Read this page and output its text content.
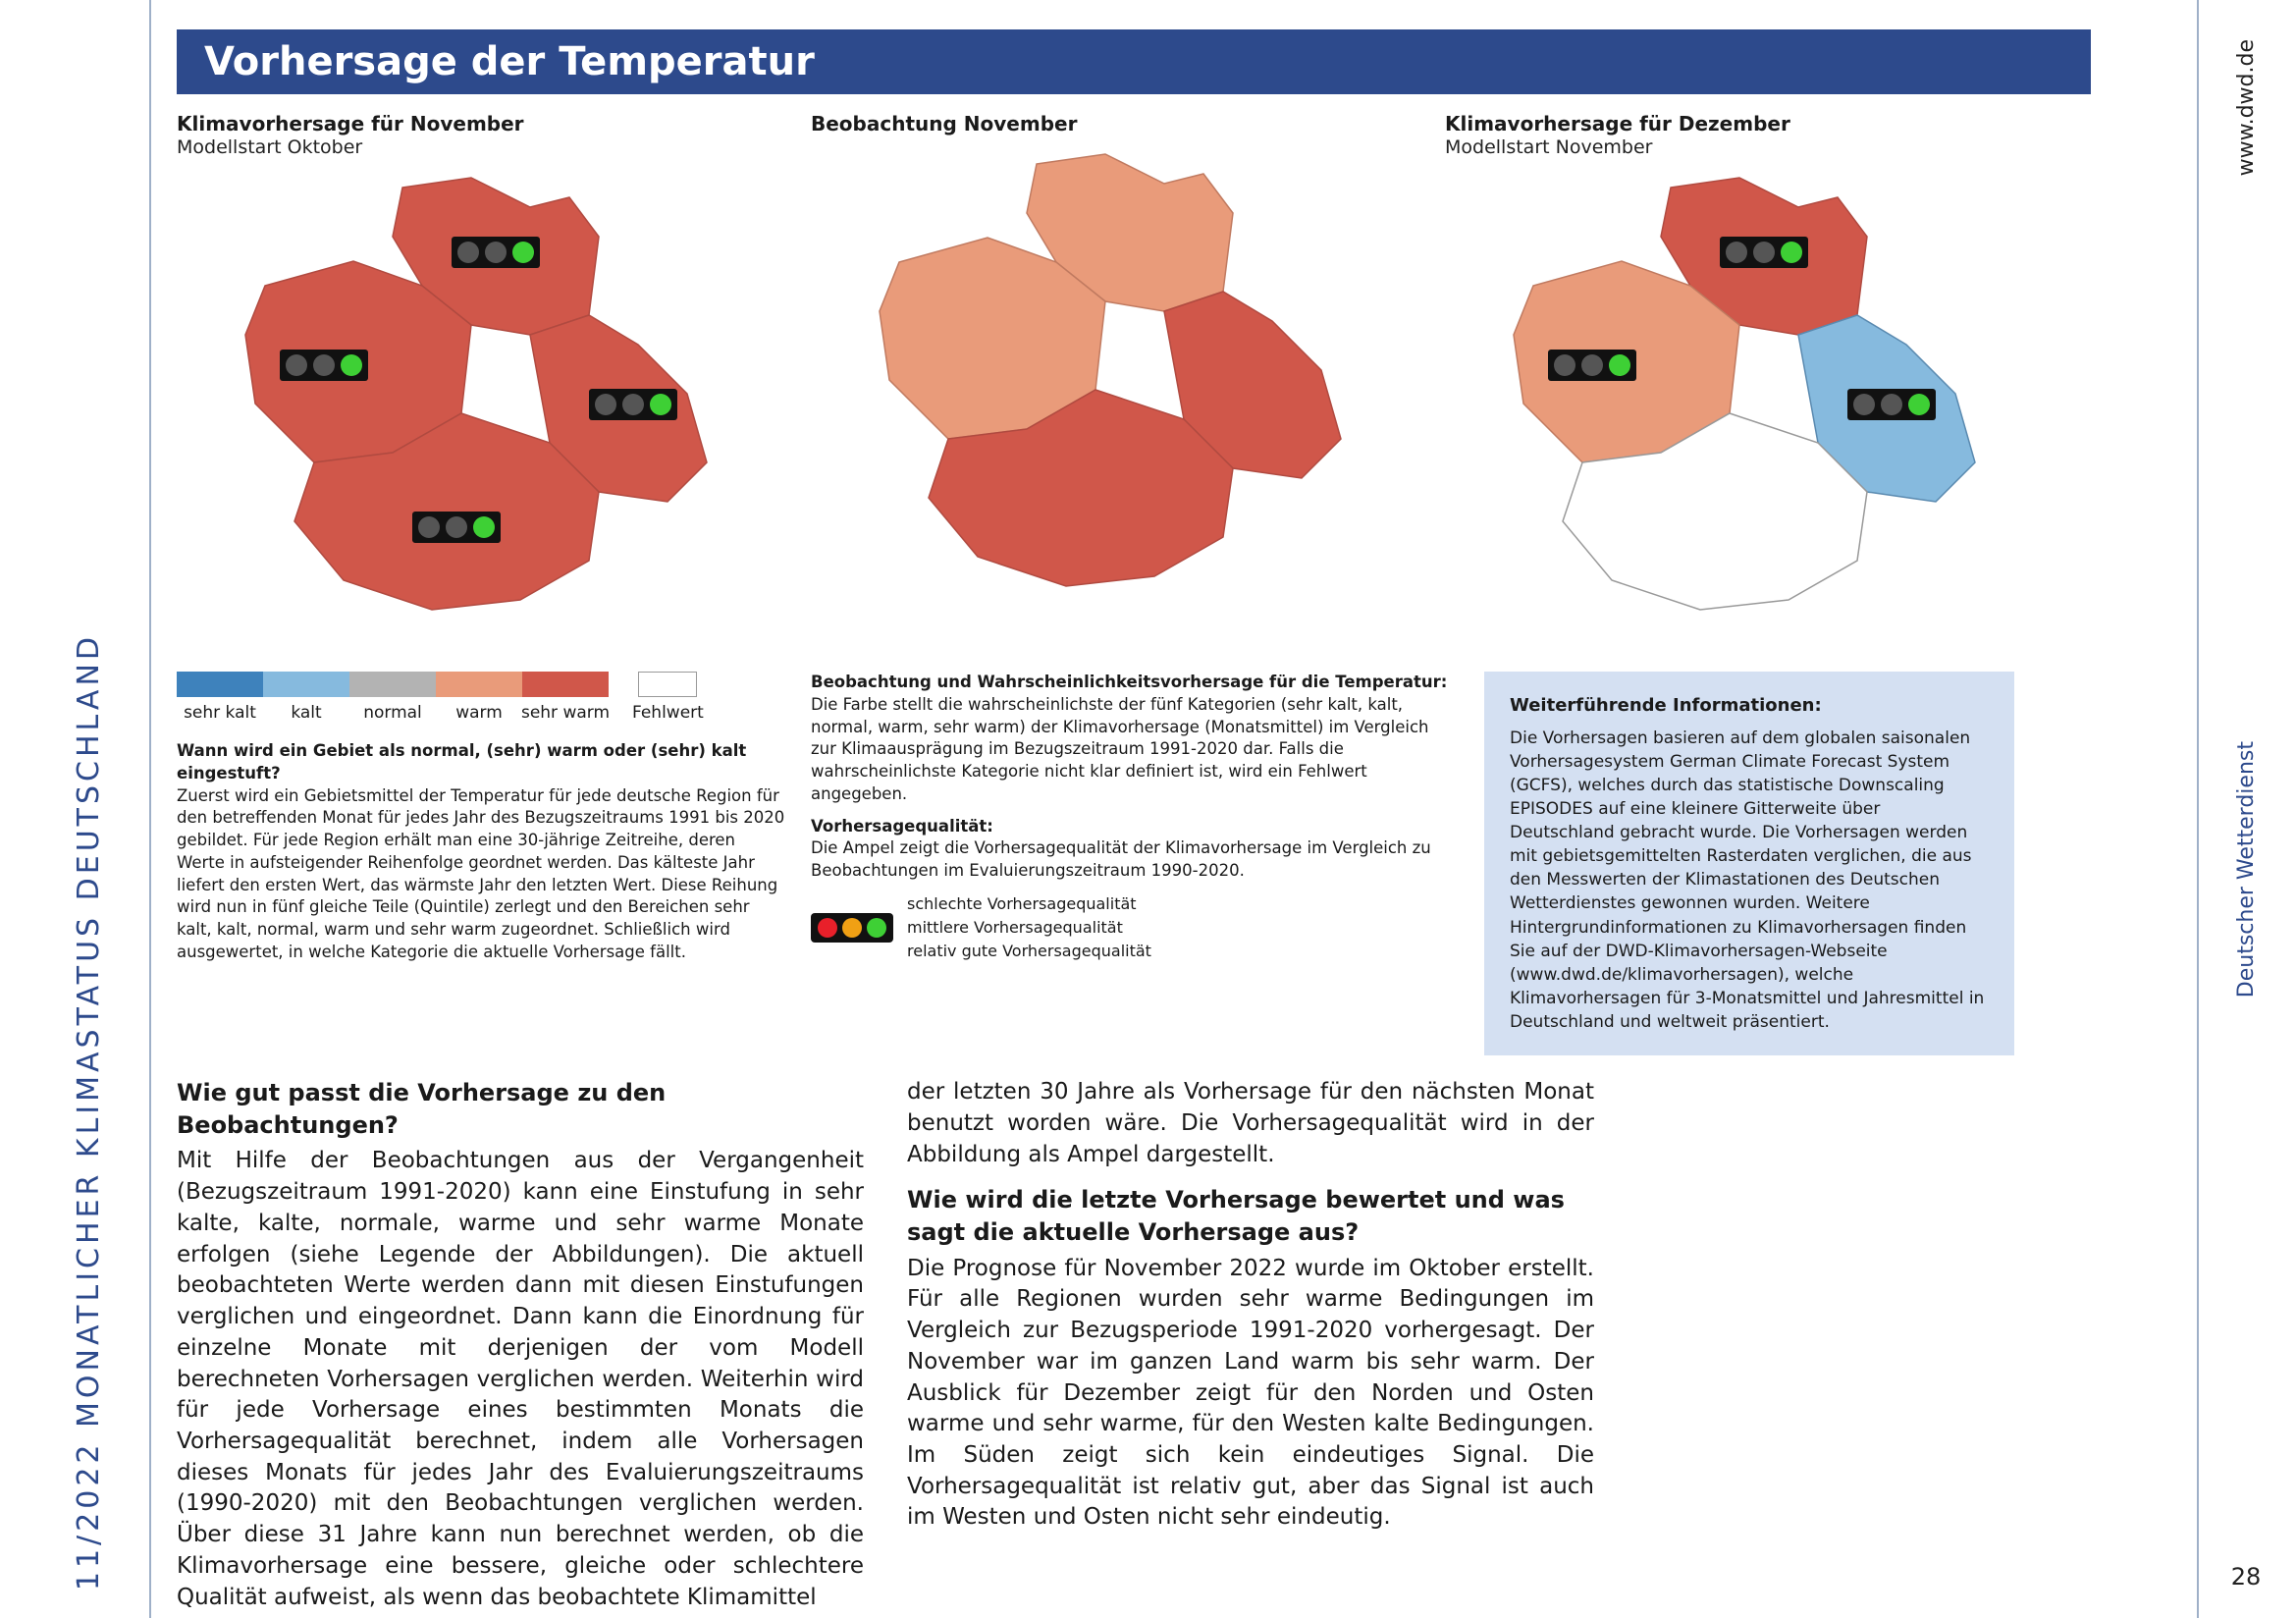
11/2022 MONATLICHER KLIMASTATUS DEUTSCHLAND
www.dwd.de
Deutscher Wetterdienst
28
Vorhersage der Temperatur
Klimavorhersage für November
Modellstart Oktober
Beobachtung November	Klimavorhersage für Dezember
Modellstart November
sehr kalt kalt	normal warm sehr warm Fehlwert
Wann wird ein Gebiet als normal, (sehr) warm oder (sehr) kalt eingestuft?

Zuerst wird ein Gebietsmittel der Temperatur für jede deutsche Region für den betreffenden Monat für jedes Jahr des Bezugszeitraums 1991 bis 2020 gebildet. Für jede Region erhält man eine 30-jährige Zeitreihe, deren Werte in aufsteigender Reihenfolge geordnet werden. Das kälteste Jahr liefert den ersten Wert, das wärmste Jahr den letzten Wert. Diese Reihung wird nun in fünf gleiche Teile (Quintile) zerlegt und den Bereichen sehr kalt, kalt, normal, warm und sehr warm zugeordnet. Schließlich wird ausgewertet, in welche Kategorie die aktuelle Vorhersage fällt.

Beobachtung und Wahrscheinlichkeitsvorhersage für die Temperatur:

Die Farbe stellt die wahrscheinlichste der fünf Kategorien (sehr kalt, kalt, normal, warm, sehr warm) der Klimavorhersage (Monatsmittel) im Vergleich zur Klimaausprägung im Bezugszeitraum 1991-2020 dar. Falls die wahrscheinlichste Kategorie nicht klar definiert ist, wird ein Fehlwert angegeben.

Vorhersagequalität:

Die Ampel zeigt die Vorhersagequalität der Klimavorhersage im Vergleich zu Beobachtungen im Evaluierungszeitraum 1990-2020.

schlechte Vorhersagequalität
mittlere Vorhersagequalität
relativ gute Vorhersagequalität
Weiterführende Informationen:
Die Vorhersagen basieren auf dem globalen saisonalen Vorhersagesystem German Climate Forecast System (GCFS), welches durch das statistische Downscaling EPISODES auf eine kleinere Gitterweite über Deutschland gebracht wurde. Die Vorhersagen werden mit gebietsgemittelten Rasterdaten verglichen, die aus den Messwerten der Klimastationen des Deutschen Wetterdienstes gewonnen wurden. Weitere Hintergrundinformationen zu Klimavorhersagen finden Sie auf der DWD-Klimavorhersagen-Webseite (www.dwd.de/klimavorhersagen), welche Klimavorhersagen für 3-Monatsmittel und Jahresmittel in Deutschland und weltweit präsentiert.
Wie gut passt die Vorhersage zu den Beobachtungen?

Mit Hilfe der Beobachtungen aus der Vergangenheit (Bezugszeitraum 1991-2020) kann eine Einstufung in sehr kalte, kalte, normale, warme und sehr warme Monate erfolgen (siehe Legende der Abbildungen). Die aktuell beobachteten Werte werden dann mit diesen Einstufungen verglichen und eingeordnet. Dann kann die Einordnung für einzelne Monate mit derjenigen der vom Modell berechneten Vorhersagen verglichen werden. Weiterhin wird für jede Vorhersage eines bestimmten Monats die Vorhersagequalität berechnet, indem alle Vorhersagen dieses Monats für jedes Jahr des Evaluierungszeitraums (1990-2020) mit den Beobachtungen verglichen werden. Über diese 31 Jahre kann nun berechnet werden, ob die Klimavorhersage eine bessere, gleiche oder schlechtere Qualität aufweist, als wenn das beobachtete Klimamittel

der letzten 30 Jahre als Vorhersage für den nächsten Monat benutzt worden wäre. Die Vorhersagequalität wird in der Abbildung als Ampel dargestellt.

Wie wird die letzte Vorhersage bewertet und was sagt die aktuelle Vorhersage aus?

Die Prognose für November 2022 wurde im Oktober erstellt. Für alle Regionen wurden sehr warme Bedingungen im Vergleich zur Bezugsperiode 1991-2020 vorhergesagt. Der November war im ganzen Land warm bis sehr warm. Der Ausblick für Dezember zeigt für den Norden und Osten warme und sehr warme, für den Westen kalte Bedingungen. Im Süden zeigt sich kein eindeutiges Signal. Die Vorhersagequalität ist relativ gut, aber das Signal ist auch im Westen und Osten nicht sehr eindeutig.
